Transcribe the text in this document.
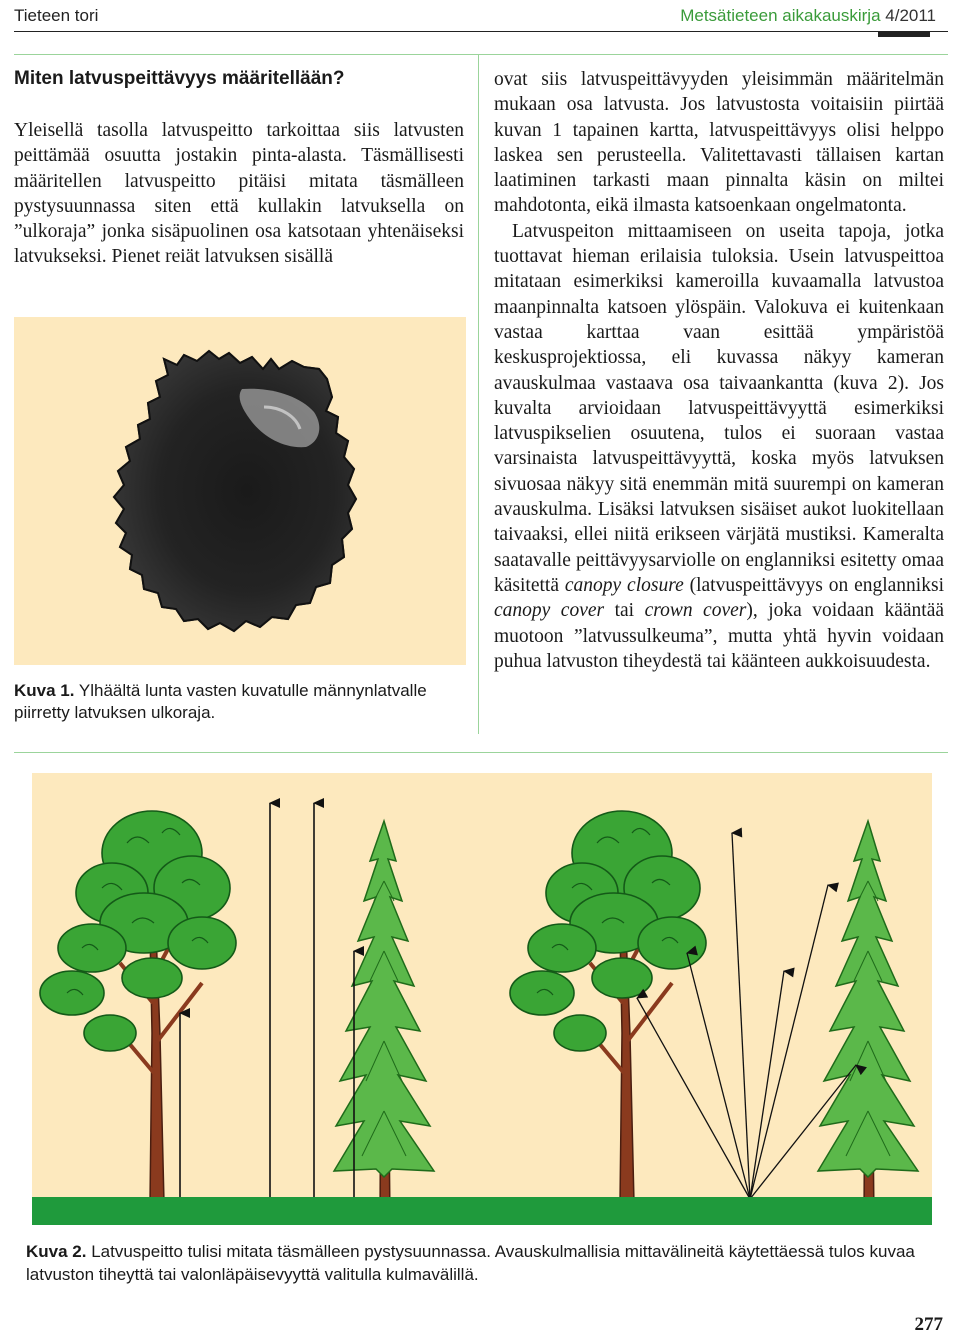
Tieteen tori	Metsätieteen aikakauskirja 4/2011
Miten latvuspeittävyys määritellään?

Yleisellä tasolla latvuspeitto tarkoittaa siis latvusten peittämää osuutta jostakin pinta-alasta. Täsmällisesti määritellen latvuspeitto pitäisi mitata täsmälleen pystysuunnassa siten että kullakin latvuksella on ”ulkoraja” jonka sisäpuolinen osa katsotaan yhtenäiseksi latvukseksi. Pienet reiät latvuksen sisällä

Kuva 1. Ylhäältä lunta vasten kuvatulle männynlatvalle piirretty latvuksen ulkoraja.

ovat siis latvuspeittävyyden yleisimmän määritelmän mukaan osa latvusta. Jos latvustosta voitaisiin piirtää kuvan 1 tapainen kartta, latvuspeittävyys olisi helppo laskea sen perusteella. Valitettavasti tällaisen kartan laatiminen tarkasti maan pinnalta käsin on miltei mahdotonta, eikä ilmasta katsoenkaan ongelmatonta.

Latvuspeiton mittaamiseen on useita tapoja, jotka tuottavat hieman erilaisia tuloksia. Usein latvuspeittoa mitataan esimerkiksi kameroilla kuvaamalla latvustoa maanpinnalta katsoen ylöspäin. Valokuva ei kuitenkaan vastaa karttaa vaan esittää ympäristöä keskusprojektiossa, eli kuvassa näkyy kameran avauskulmaa vastaava osa taivaankantta (kuva 2). Jos kuvalta arvioidaan latvuspeittävyyttä esimerkiksi latvuspikselien osuutena, tulos ei suoraan vastaa varsinaista latvuspeittävyyttä, koska myös latvuksen sivuosaa näkyy sitä enemmän mitä suurempi on kameran avauskulma. Lisäksi latvuksen sisäiset aukot luokitellaan taivaaksi, ellei niitä erikseen värjätä mustiksi. Kameralta saatavalle peittävyysarviolle on englanniksi esitetty omaa käsitettä canopy closure (latvuspeittävyys on englanniksi canopy cover tai crown cover), joka voidaan kääntää muotoon ”latvussulkeuma”, mutta yhtä hyvin voidaan puhua latvuston tiheydestä tai käänteen aukkoisuudesta.

Kuva 2. Latvuspeitto tulisi mitata täsmälleen pystysuunnassa. Avauskulmallisia mittavälineitä käytettäessä tulos kuvaa latvuston tiheyttä tai valonläpäisevyyttä valitulla kulmavälillä.
277
